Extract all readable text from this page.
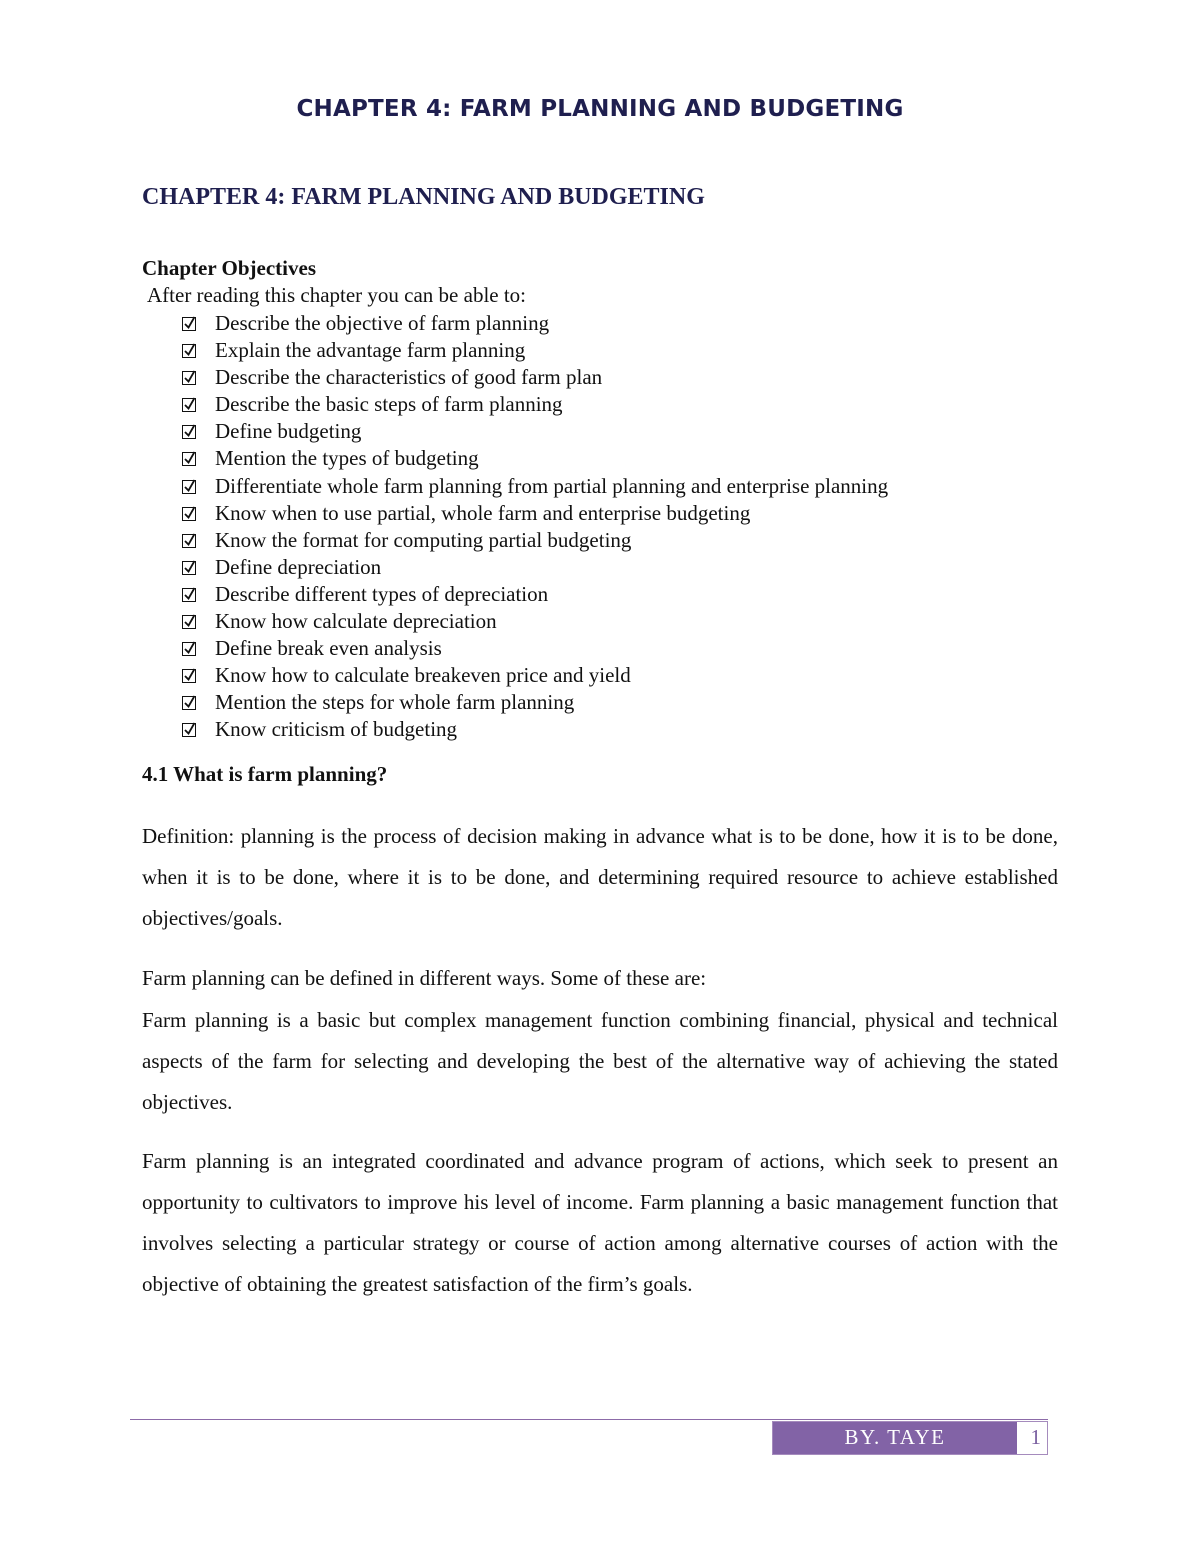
CHAPTER 4: FARM PLANNING AND BUDGETING
CHAPTER 4: FARM PLANNING AND BUDGETING
Chapter Objectives
After reading this chapter you can be able to:
Describe the objective of farm planning
Explain the advantage farm planning
Describe the characteristics of good farm plan
Describe the basic steps of farm planning
Define budgeting
Mention the types of budgeting
Differentiate whole farm planning from partial planning and enterprise planning
Know when to use partial, whole farm and enterprise budgeting
Know the format for computing partial budgeting
Define depreciation
Describe different types of depreciation
Know how calculate depreciation
Define break even analysis
Know how to calculate breakeven price and yield
Mention the steps for whole farm planning
Know criticism of budgeting
4.1 What is farm planning?

Definition: planning is the process of decision making in advance what is to be done, how it is to be done, when it is to be done, where it is to be done, and determining required resource to achieve established objectives/goals.

Farm planning can be defined in different ways. Some of these are:

Farm planning is a basic but complex management function combining financial, physical and technical aspects of the farm for selecting and developing the best of the alternative way of achieving the stated objectives.

Farm planning is an integrated coordinated and advance program of actions, which seek to present an opportunity to cultivators to improve his level of income. Farm planning a basic management function that involves selecting a particular strategy or course of action among alternative courses of action with the objective of obtaining the greatest satisfaction of the firm’s goals.

BY. TAYE	1
